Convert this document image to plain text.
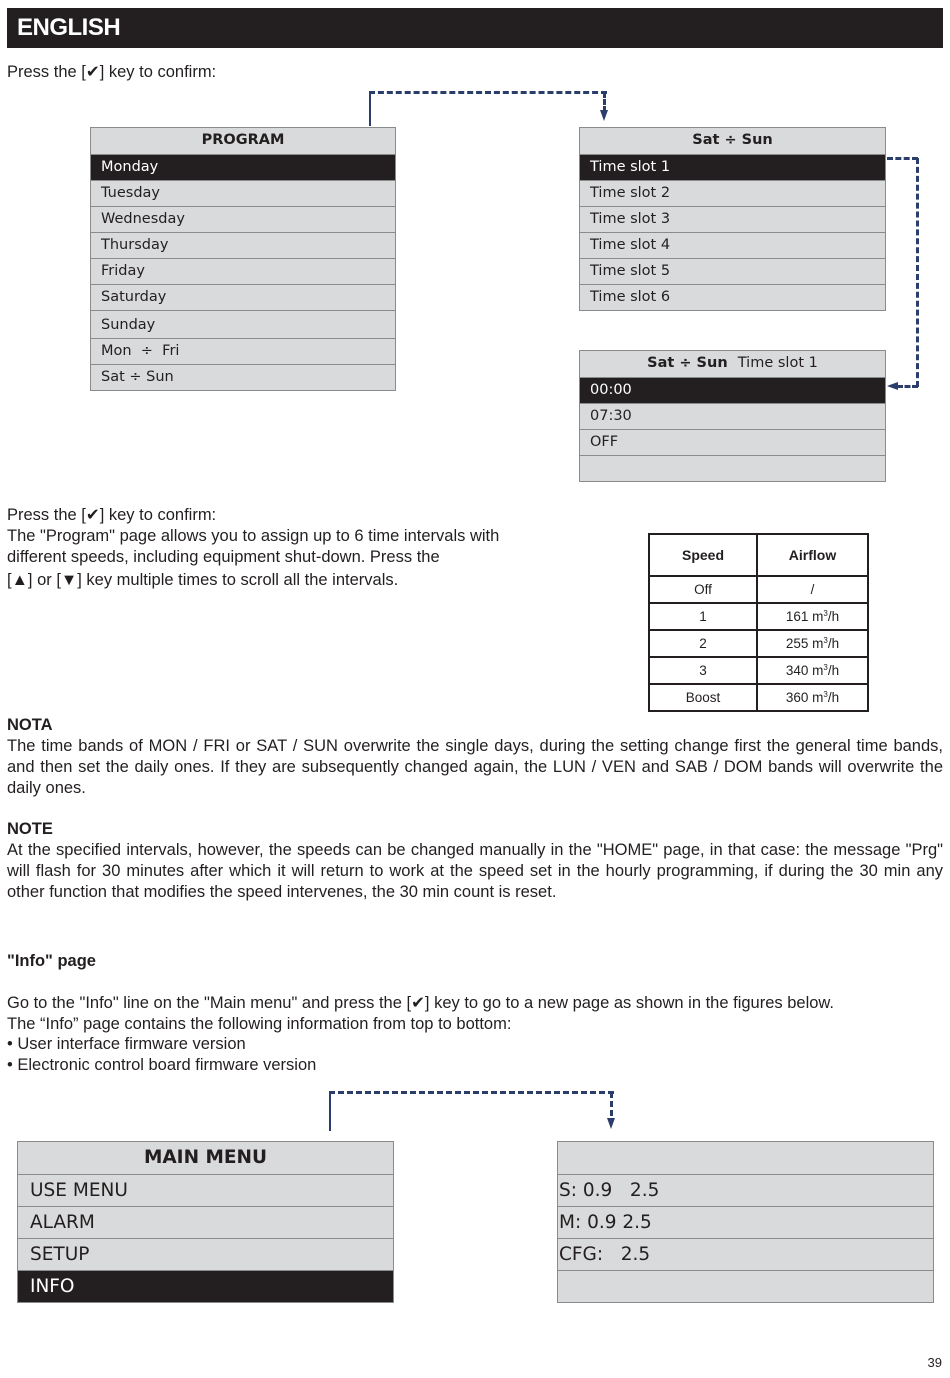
ENGLISH
Press the [✔] key to confirm:
PROGRAM
Monday
Tuesday
Wednesday
Thursday
Friday
Saturday
Sunday
Mon  ÷  Fri
Sat ÷ Sun
Sat ÷ Sun
Time slot 1
Time slot 2
Time slot 3
Time slot 4
Time slot 5
Time slot 6
Sat ÷ Sun Time slot 1
00:00
07:30
OFF
Press the [✔] key to confirm:
The "Program" page allows you to assign up to 6 time intervals with
different speeds, including equipment shut-down. Press the
[▲] or [▼] key multiple times to scroll all the intervals.
Speed	Airflow
Off	/
1	161 $m^3/h$
2	255 $m^3/h$
3	340 $m^3/h$
Boost	360 $m^3/h$
NOTA
The time bands of MON / FRI or SAT / SUN overwrite the single days, during the setting change first the general time bands, and then set the daily ones. If they are subsequently changed again, the LUN / VEN and SAB / DOM bands will overwrite the daily ones.
NOTE
At the specified intervals, however, the speeds can be changed manually in the "HOME" page, in that case: the message "Prg" will flash for 30 minutes after which it will return to work at the speed set in the hourly programming, if during the 30 min any other function that modifies the speed intervenes, the 30 min count is reset.
"Info" page
Go to the "Info" line on the "Main menu" and press the [✔] key to go to a new page as shown in the figures below.
The “Info” page contains the following information from top to bottom:
• User interface firmware version
• Electronic control board firmware version
MAIN MENU
USE MENU
ALARM
SETUP
INFO
S: 0.9   2.5
M: 0.9 2.5
CFG:   2.5
39
